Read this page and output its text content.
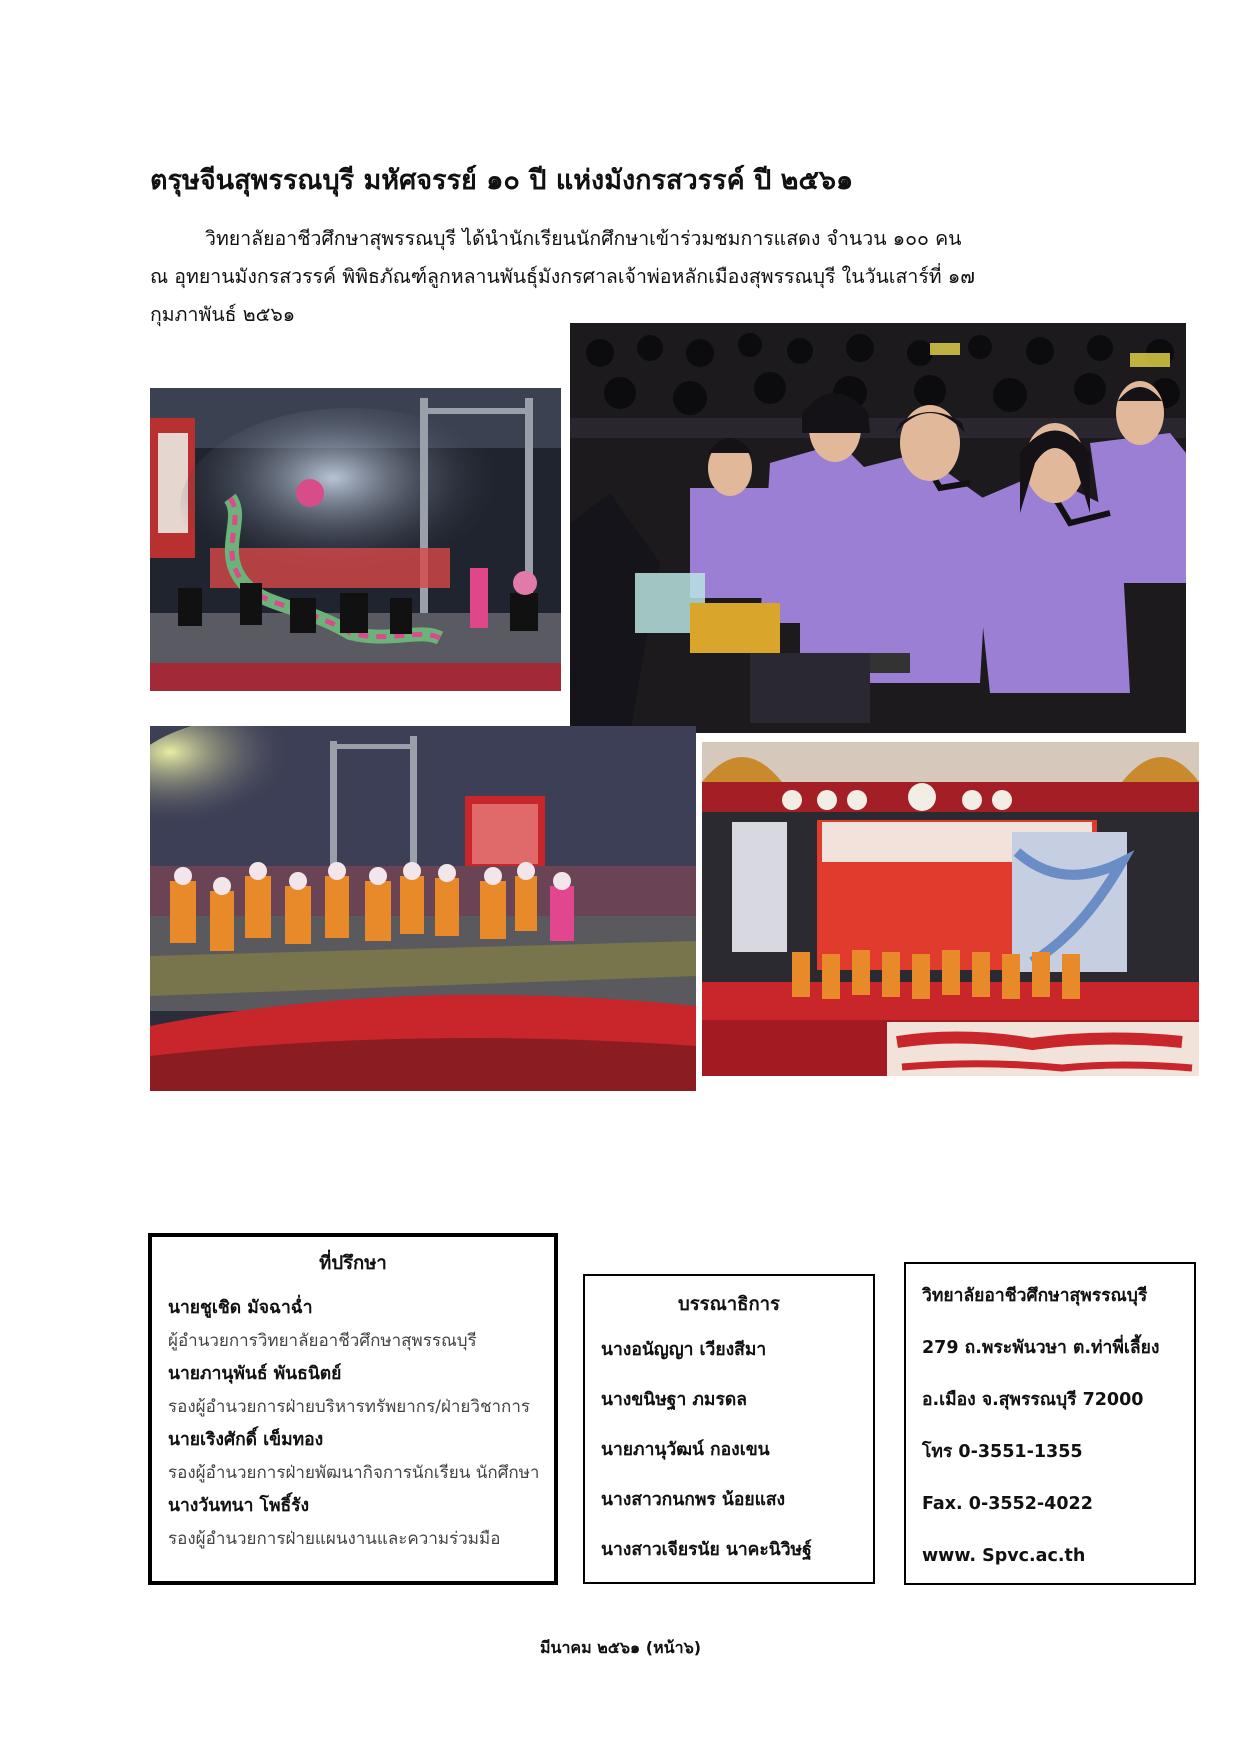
ตรุษจีนสุพรรณบุรี มหัศจรรย์ ๑๐ ปี แห่งมังกรสวรรค์ ปี ๒๕๖๑
วิทยาลัยอาชีวศึกษาสุพรรณบุรี ได้นำนักเรียนนักศึกษาเข้าร่วมชมการแสดง จำนวน ๑๐๐ คน
ณ อุทยานมังกรสวรรค์ พิพิธภัณฑ์ลูกหลานพันธุ์มังกรศาลเจ้าพ่อหลักเมืองสุพรรณบุรี ในวันเสาร์ที่ ๑๗
กุมภาพันธ์ ๒๕๖๑
ที่ปรึกษา
นายชูเชิด มัจฉาฉ่ำ
ผู้อำนวยการวิทยาลัยอาชีวศึกษาสุพรรณบุรี
นายภานุพันธ์ พันธนิตย์
รองผู้อำนวยการฝ่ายบริหารทรัพยากร/ฝ่ายวิชาการ
นายเริงศักดิ์ เข็มทอง
รองผู้อำนวยการฝ่ายพัฒนากิจการนักเรียน นักศึกษา
นางวันทนา โพธิ์รัง
รองผู้อำนวยการฝ่ายแผนงานและความร่วมมือ
บรรณาธิการ
นางอนัญญา เวียงสีมา
นางขนิษฐา ภมรดล
นายภานุวัฒน์ กองเขน
นางสาวกนกพร น้อยแสง
นางสาวเจียรนัย นาคะนิวิษฐ์
วิทยาลัยอาชีวศึกษาสุพรรณบุรี
279 ถ.พระพันวษา ต.ท่าพี่เลี้ยง
อ.เมือง จ.สุพรรณบุรี 72000
โทร 0-3551-1355
Fax. 0-3552-4022
www. Spvc.ac.th
มีนาคม ๒๕๖๑ (หน้า๖)
